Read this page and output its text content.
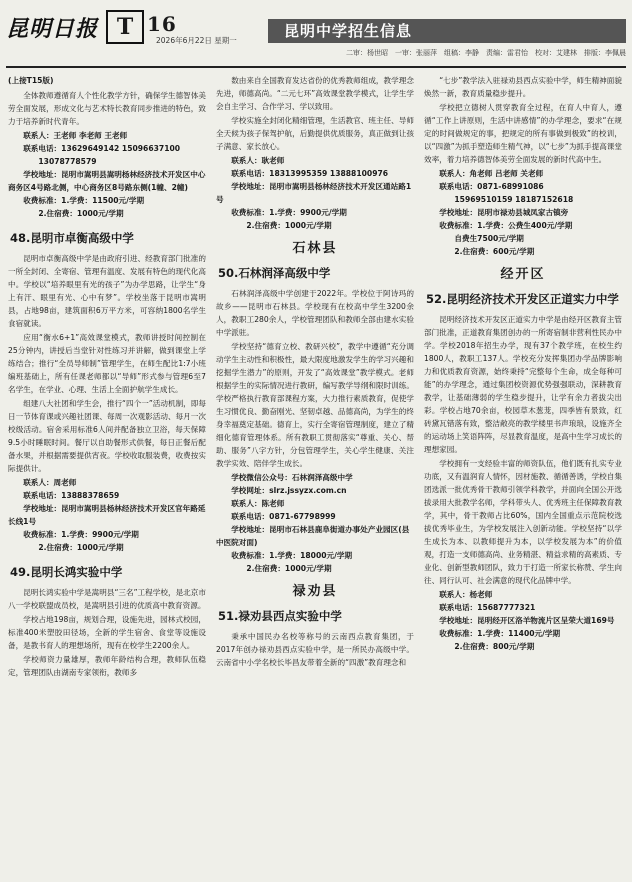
昆明日报 T 16
2026年6月22日 星期一
昆明中学招生信息
二审：杨世昭　一审：张丽萍　组稿：李静　责编：雷君怡　校对：艾建林　排版：李佩晨
(上接T15版)

全体教师遵循育人个性化教学方针，确保学生德智体美劳全面发展，形成文化与艺术特长教育同步推进的特色，致力于培养新时代青年。

联系人：王老师 李老师 王老师
联系电话：13629649142 15096637100
13078778579
学校地址：昆明市嵩明县嵩明杨林经济技术开发区中心商务区4号路北侧，中心商务区8号路东侧(1幢、2幢)
收费标准：1.学费：11500元/学期
2.住宿费：1000元/学期
48.昆明市卓衡高级中学

昆明市卓衡高级中学是由政府引进、经教育部门批准的一所全封闭、全寄宿、管理有温度、发展有特色的现代化高中。学校以“培养眼里有光的孩子”为办学思路，让学生“身上有汗、眼里有光、心中有梦”。学校坐落于昆明市嵩明县，占地98亩，建筑面积6万平方米，可容纳1800名学生食宿就读。

应用“衡水6+1”高效课堂模式，教师讲授时间控制在25分钟内，讲授后当堂针对性练习并讲解，做到课堂上学练结合；推行“全员导师制”管理学生，在师生配比1:7小班编班基础上，所有任课老师都以“导师”形式参与管理6至7名学生，在学业、心理、生活上全面护航学生成长。

组建八大社团和学生会，推行“四个一”活动机制，即每日一节体育课或兴趣社团课、每周一次观影活动、每月一次校级活动。宿舍采用标准6人间并配备独立卫浴，每天保障9.5小时睡眠时间。餐厅以自助餐形式供餐，每日正餐后配备水果，并根据需要提供宵夜。学校收取服装费，收费按实际提供计。

联系人：周老师
联系电话：13888378659
学校地址：昆明市嵩明县杨林经济技术开发区官年路延长线1号
收费标准：1.学费：9900元/学期
2.住宿费：1000元/学期
49.昆明长鸿实验中学

昆明长鸿实验中学是嵩明县“三名”工程学校，是北京市八一学校联盟成员校，是嵩明县引进的优质高中教育资源。

学校占地198亩，规划合理，设施先进，园林式校园，标准400米塑胶田径场，全新的学生宿舍、食堂等设施设备，是教书育人的理想场所，现有在校学生2200余人。

学校师资力量雄厚，教师年龄结构合理，教师队伍稳定，管理团队由湖南专家领衔，教师多

数由来自全国教育发达省份的优秀教师组成，教学理念先进，师德高尚。“二元七环”高效课堂教学模式，让学生学会自主学习、合作学习、学以致用。

学校实施全封闭化精细管理，生活教官、班主任、导师全天候为孩子保驾护航，后勤提供优质服务，真正做到让孩子满意、家长放心。

联系人：耿老师
联系电话：18313995359 13888100976
学校地址：昆明市嵩明县杨林经济技术开发区通站路1号
收费标准：1.学费：9900元/学期
2.住宿费：1000元/学期
石林县
50.石林润泽高级中学

石林润泽高级中学创建于2022年。学校位于阿诗玛的故乡——昆明市石林县。学校现有在校高中学生3200余人，教职工280余人，学校管理团队和教师全部由建水实验中学派驻。

学校坚持“德育立校、教研兴校”，教学中遵循“充分调动学生主动性和积极性，最大限度地激发学生的学习兴趣和挖掘学生潜力”的原则，开发了“高效课堂”教学模式。老师根据学生的实际情况进行教研，编写教学导纲和限时训练。学校严格执行教育部课程方案，大力推行素质教育，促使学生习惯优良、勤奋刚光、坚韧卓越、品德高尚，为学生的终身幸福奠定基础。德育上，实行全寄宿管理制度，建立了精细化德育管理体系。所有教职工贯彻落实“尊重、关心、帮助、服务”八字方针，分包管理学生，关心学生健康、关注教学实效、陪伴学生成长。

学校微信公众号：石林润泽高级中学
学校网址：slrz.jssyzx.com.cn
联系人：陈老师
联系电话：0871-67798999
学校地址：昆明市石林县鹿阜街道办事处产业园区(县中医院对面)
收费标准：1.学费：18000元/学期
2.住宿费：1000元/学期
禄劝县
51.禄劝县西点实验中学

秉承中国民办名校等称号的云南西点教育集团，于2017年创办禄劝县西点实验中学，是一所民办高级中学。云南省中小学名校长毕昌友带着全新的“四激”教育理念和

“七步”教学法入驻禄劝县西点实验中学，师生精神面貌焕然一新，教育质量稳步提升。

学校把立德树人贯穿教育全过程，在育人中育人，遵循“工作上讲原则，生活中讲感情”的办学理念，要求“在规定的时间做规定的事，把规定的所有事做到极致”的校训，以“四激”为抓手塑造师生精气神，以“七步”为抓手提高课堂效率，着力培养德智体美劳全面发展的新时代高中生。

联系人：角老师 吕老师 关老师
联系电话：0871-68991086
15969510159 18187152618
学校地址：昆明市禄劝县城凤家古镇旁
收费标准：1.学费：公费生400元/学期
自费生7500元/学期
2.住宿费：600元/学期
经开区
52.昆明经济技术开发区正道实力中学

昆明经济技术开发区正道实力中学是由经开区教育主管部门批准，正道教育集团创办的一所寄宿制非营利性民办中学。学校2018年招生办学，现有37个教学班，在校生约1800人，教职工137人。学校充分发挥集团办学品牌影响力和优质教育资源，始终秉持“完整每个生命，成全每种可能”的办学理念，通过集团校资源优势强强联动，深耕教育教学，让基础薄弱的学生稳步提升，让学有余力者拔尖出彩。学校占地70余亩，校园草木葱茏，四季皆有景致，红砖黛瓦错落有致，整洁敞亮的教学楼里书声琅琅，设施齐全的运动场上笑语阵阵，尽显教育温度，是高中生学习成长的理想家园。

学校拥有一支经验丰富的师资队伍，他们既有扎实专业功底，又有温润育人情怀，因材施教、循循善诱，学校自集团选派一批优秀骨干教师引领学科教学，并面向全国公开选拔录用大批教学名师，学科带头人、优秀班主任保障教育教学，其中，骨干教师占比60%，国内全国重点示范院校选拔优秀毕业生，为学校发展注入创新动能。学校坚持“以学生成长为本、以教师提升为本，以学校发展为本”的价值观，打造一支师德高尚、业务精湛、精益求精的高素质、专业化、创新型教师团队，致力于打造一所家长称赞、学生向往、同行认可、社会满意的现代化品牌中学。

联系人：杨老师
联系电话：15687777321
学校地址：昆明经开区洛羊物流片区呈荣大道169号
收费标准：1.学费：11400元/学期
2.住宿费：800元/学期
